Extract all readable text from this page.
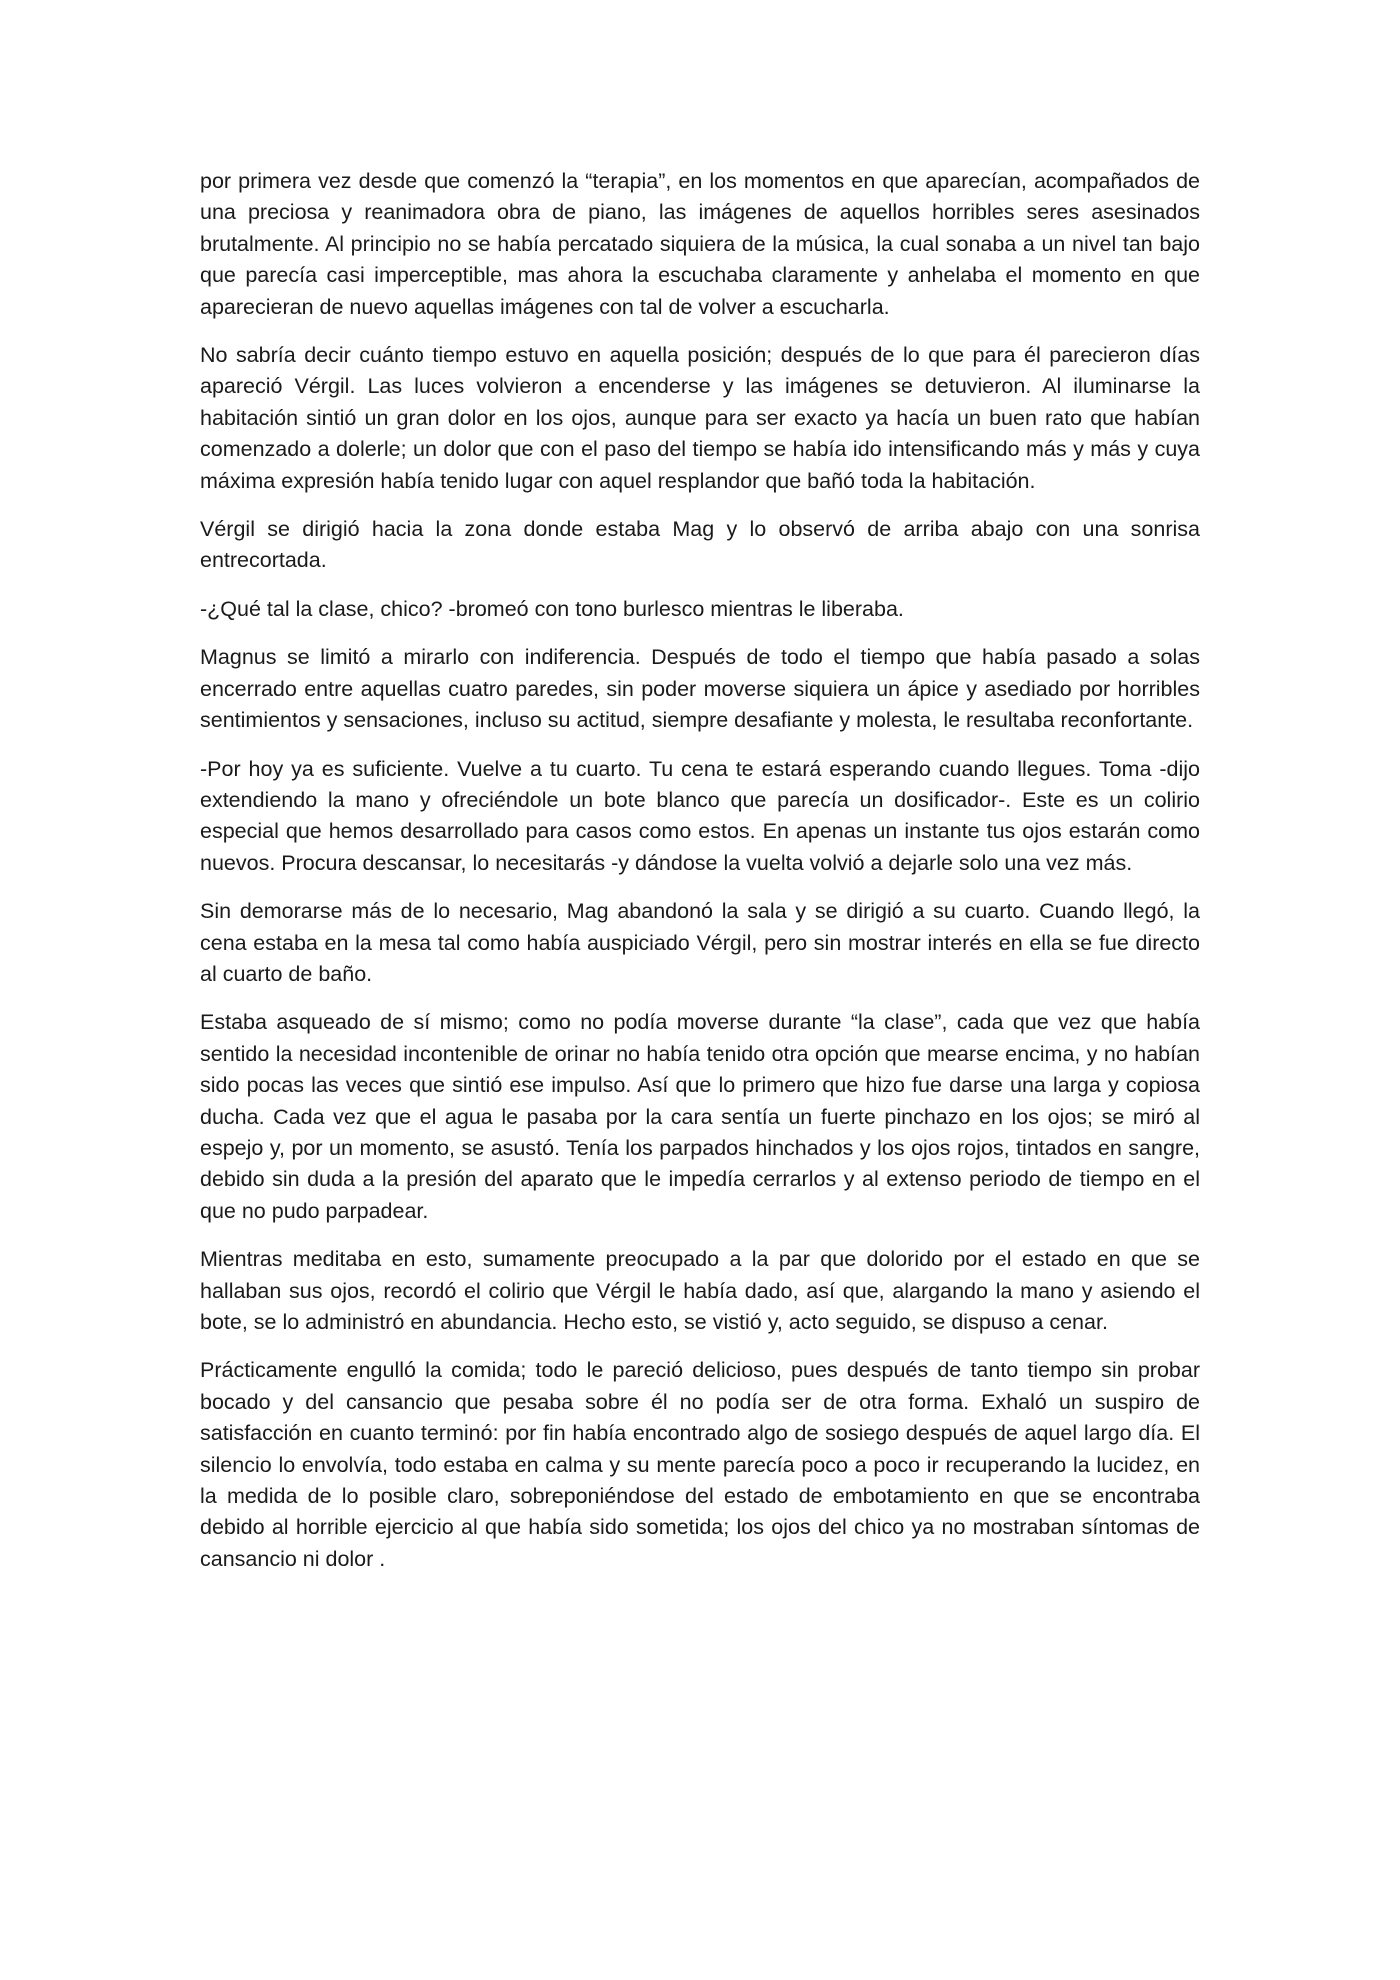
por primera vez desde que comenzó la “terapia”, en los momentos en que aparecían, acompañados de una preciosa y reanimadora obra de piano, las imágenes de aquellos horribles seres asesinados brutalmente. Al principio no se había percatado siquiera de la música, la cual sonaba a un nivel tan bajo que parecía casi imperceptible, mas ahora la escuchaba claramente y anhelaba el momento en que aparecieran de nuevo aquellas imágenes con tal de volver a escucharla.

No sabría decir cuánto tiempo estuvo en aquella posición; después de lo que para él parecieron días apareció Vérgil. Las luces volvieron a encenderse y las imágenes se detuvieron. Al iluminarse la habitación sintió un gran dolor en los ojos, aunque para ser exacto ya hacía un buen rato que habían comenzado a dolerle; un dolor que con el paso del tiempo se había ido intensificando más y más y cuya máxima expresión había tenido lugar con aquel resplandor que bañó toda la habitación.

Vérgil se dirigió hacia la zona donde estaba Mag y lo observó de arriba abajo con una sonrisa entrecortada.

-¿Qué tal la clase, chico? -bromeó con tono burlesco mientras le liberaba.

Magnus se limitó a mirarlo con indiferencia. Después de todo el tiempo que había pasado a solas encerrado entre aquellas cuatro paredes, sin poder moverse siquiera un ápice y asediado por horribles sentimientos y sensaciones, incluso su actitud, siempre desafiante y molesta, le resultaba reconfortante.

-Por hoy ya es suficiente. Vuelve a tu cuarto. Tu cena te estará esperando cuando llegues. Toma -dijo extendiendo la mano y ofreciéndole un bote blanco que parecía un dosificador-. Este es un colirio especial que hemos desarrollado para casos como estos. En apenas un instante tus ojos estarán como nuevos. Procura descansar, lo necesitarás -y dándose la vuelta volvió a dejarle solo una vez más.

Sin demorarse más de lo necesario, Mag abandonó la sala y se dirigió a su cuarto. Cuando llegó, la cena estaba en la mesa tal como había auspiciado Vérgil, pero sin mostrar interés en ella se fue directo al cuarto de baño.

Estaba asqueado de sí mismo; como no podía moverse durante “la clase”, cada que vez que había sentido la necesidad incontenible de orinar no había tenido otra opción que mearse encima, y no habían sido pocas las veces que sintió ese impulso. Así que lo primero que hizo fue darse una larga y copiosa ducha. Cada vez que el agua le pasaba por la cara sentía un fuerte pinchazo en los ojos; se miró al espejo y, por un momento, se asustó. Tenía los parpados hinchados y los ojos rojos, tintados en sangre, debido sin duda a la presión del aparato que le impedía cerrarlos y al extenso periodo de tiempo en el que no pudo parpadear.

Mientras meditaba en esto, sumamente preocupado a la par que dolorido por el estado en que se hallaban sus ojos, recordó el colirio que Vérgil le había dado, así que, alargando la mano y asiendo el bote, se lo administró en abundancia. Hecho esto, se vistió y, acto seguido, se dispuso a cenar.

Prácticamente engulló la comida; todo le pareció delicioso, pues después de tanto tiempo sin probar bocado y del cansancio que pesaba sobre él no podía ser de otra forma. Exhaló un suspiro de satisfacción en cuanto terminó: por fin había encontrado algo de sosiego después de aquel largo día. El silencio lo envolvía, todo estaba en calma y su mente parecía poco a poco ir recuperando la lucidez, en la medida de lo posible claro, sobreponiéndose del estado de embotamiento en que se encontraba debido al horrible ejercicio al que había sido sometida; los ojos del chico ya no mostraban síntomas de cansancio ni dolor .
